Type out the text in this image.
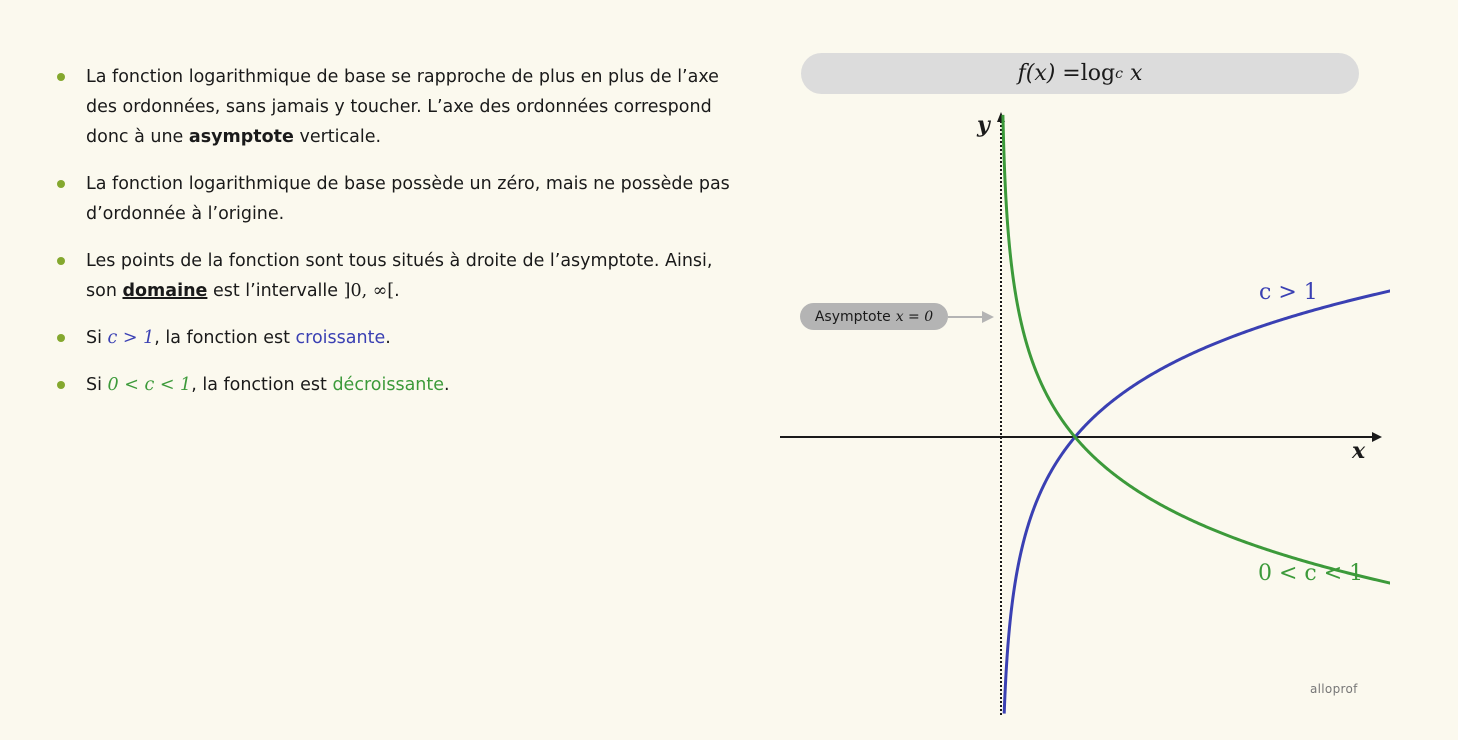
La fonction logarithmique de base se rapproche de plus en plus de l’axe des ordonnées, sans jamais y toucher. L’axe des ordonnées correspond donc à une asymptote verticale.
La fonction logarithmique de base possède un zéro, mais ne possède pas d’ordonnée à l’origine.
Les points de la fonction sont tous situés à droite de l’asymptote. Ainsi, son domaine est l’intervalle ]0, ∞[.
Si c > 1, la fonction est croissante.
Si 0 < c < 1, la fonction est décroissante.
f(x) = log c
x
Asymptote x = 0
c > 1
0 < c < 1
y
x
alloprof
